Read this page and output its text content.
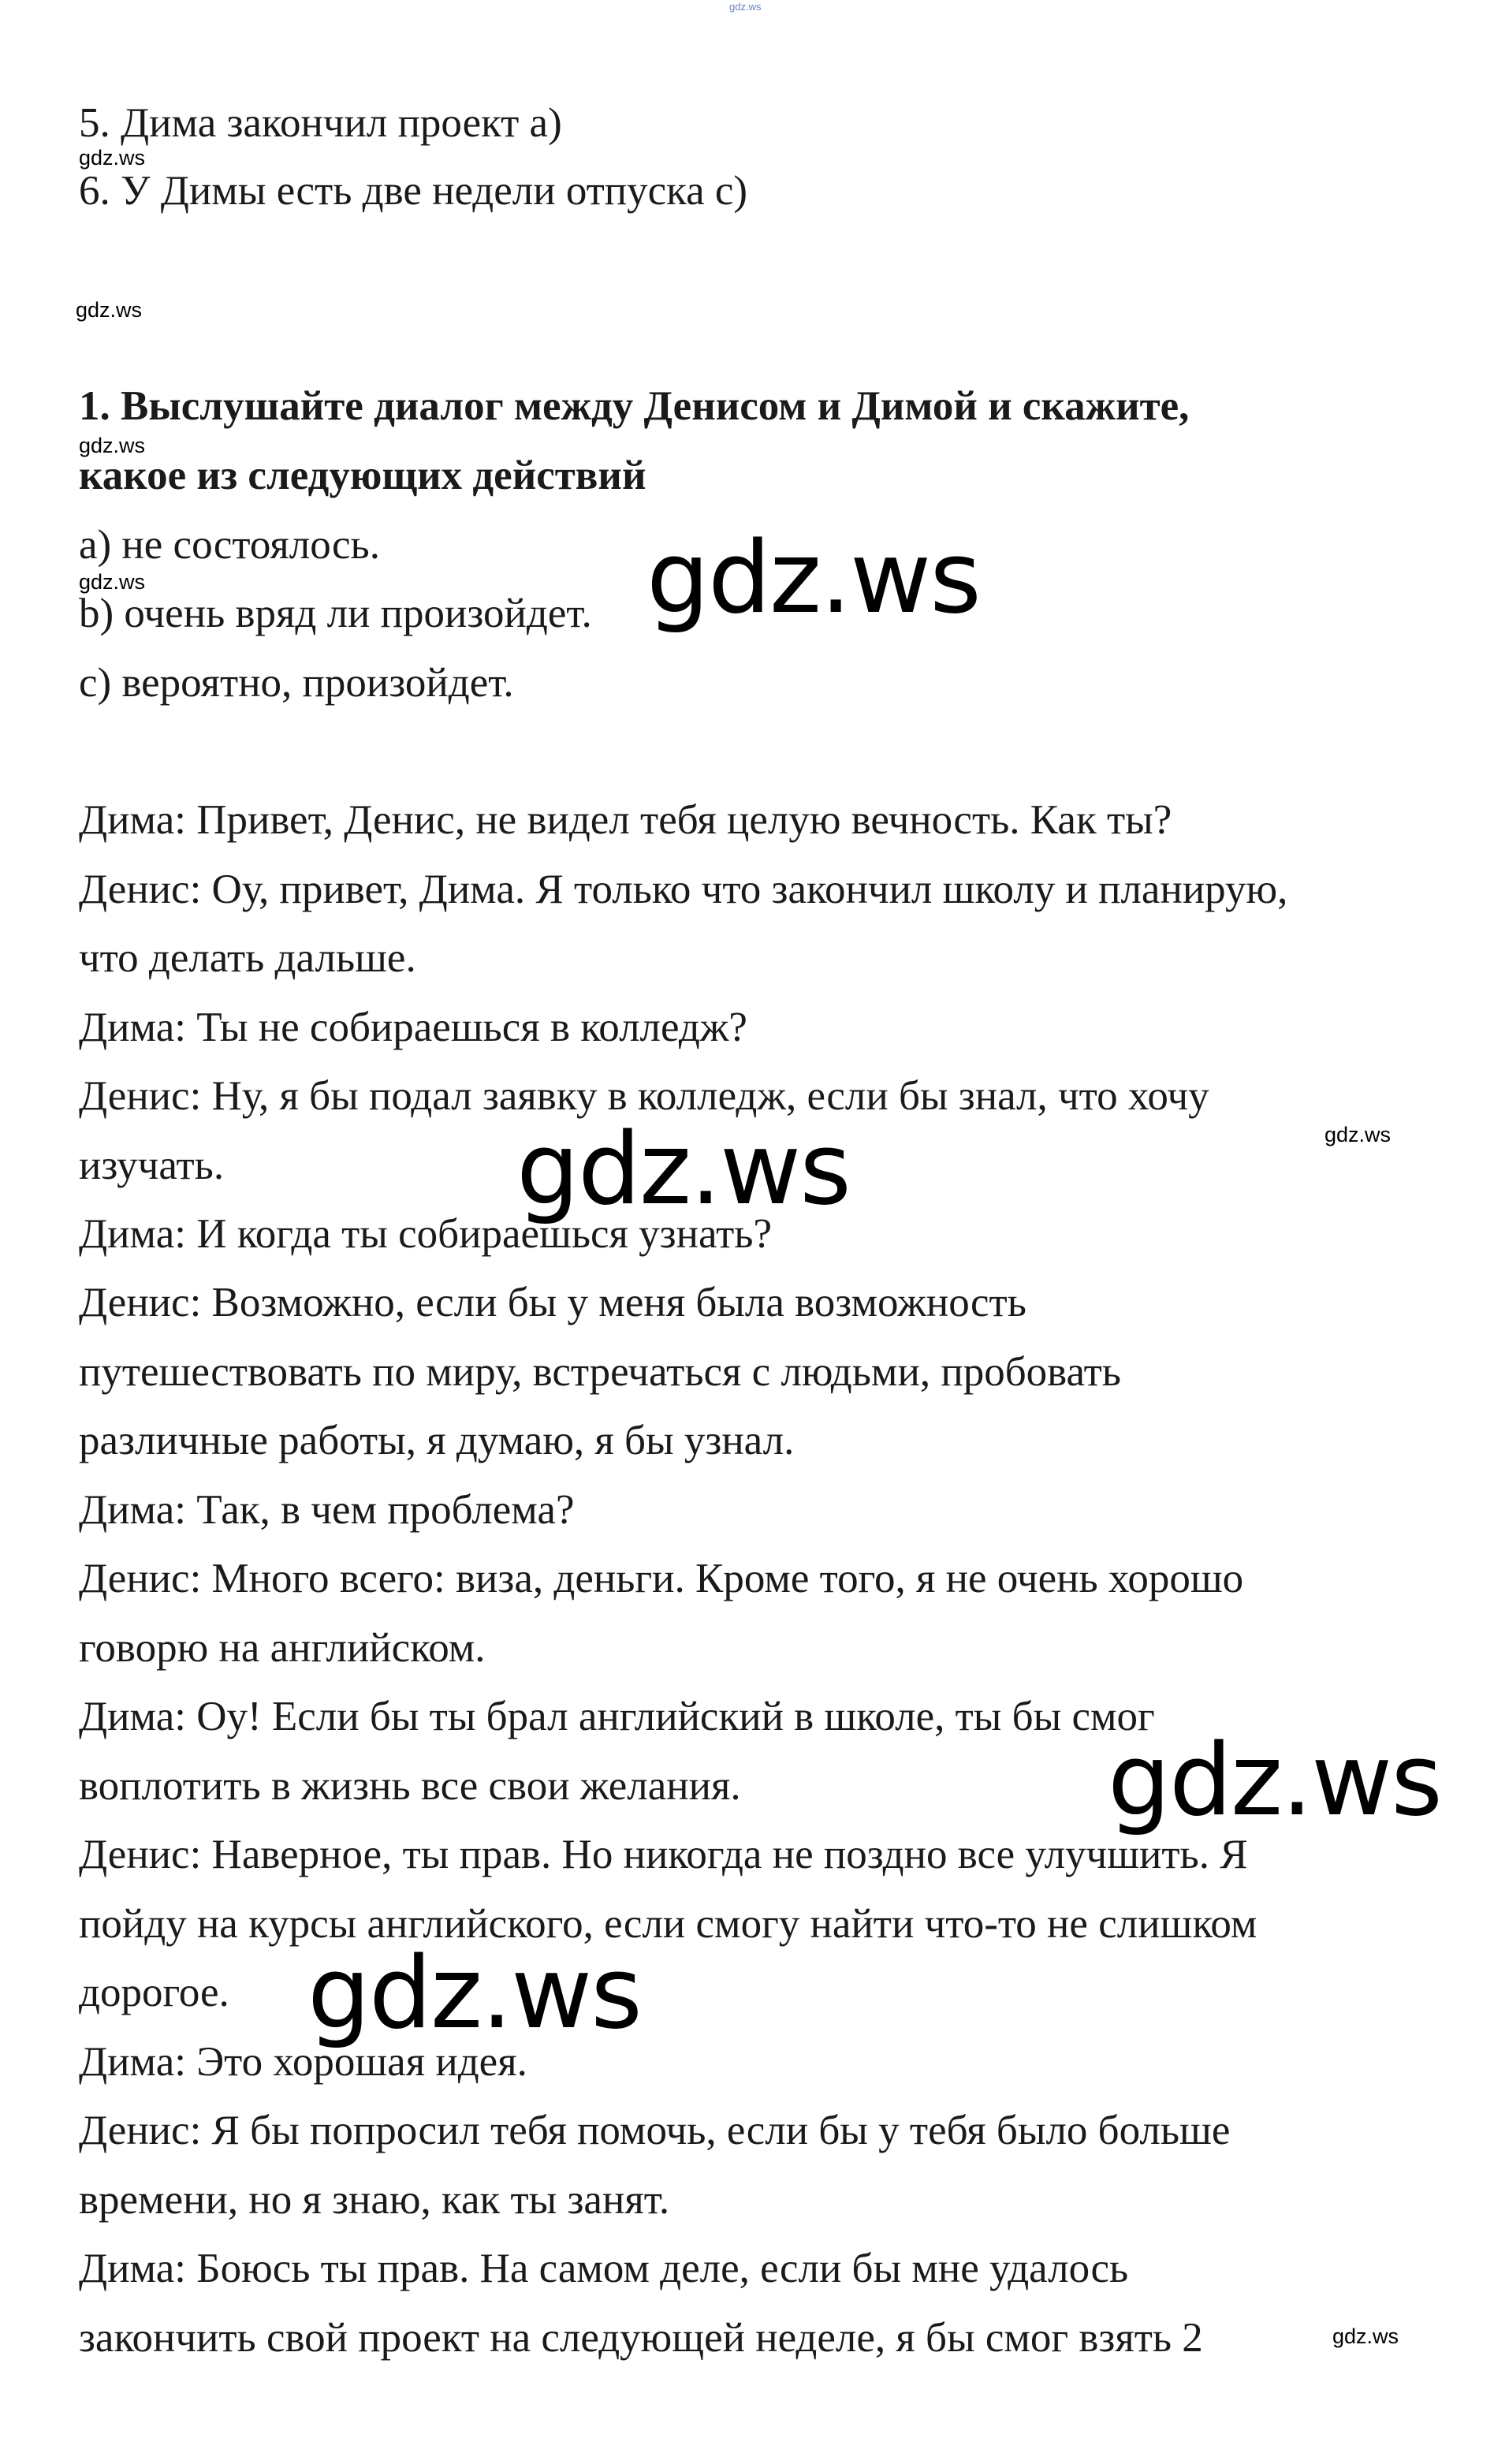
gdz.ws
5. Дима закончил проект a)
6. У Димы есть две недели отпуска c)
1. Выслушайте диалог между Денисом и Димой и скажите,
какое из следующих действий
a) не состоялось.
b) очень вряд ли произойдет.
c) вероятно, произойдет.
Дима: Привет, Денис, не видел тебя целую вечность. Как ты?
Денис: Оу, привет, Дима. Я только что закончил школу и планирую,
что делать дальше.
Дима: Ты не собираешься в колледж?
Денис: Ну, я бы подал заявку в колледж, если бы знал, что хочу
изучать.
Дима: И когда ты собираешься узнать?
Денис: Возможно, если бы у меня была возможность
путешествовать по миру, встречаться с людьми, пробовать
различные работы, я думаю, я бы узнал.
Дима: Так, в чем проблема?
Денис: Много всего: виза, деньги. Кроме того, я не очень хорошо
говорю на английском.
Дима: Оу! Если бы ты брал английский в школе, ты бы смог
воплотить в жизнь все свои желания.
Денис: Наверное, ты прав. Но никогда не поздно все улучшить. Я
пойду на курсы английского, если смогу найти что-то не слишком
дорогое.
Дима: Это хорошая идея.
Денис: Я бы попросил тебя помочь, если бы у тебя было больше
времени, но я знаю, как ты занят.
Дима: Боюсь ты прав. На самом деле, если бы мне удалось
закончить свой проект на следующей неделе, я бы смог взять 2
gdz.ws
gdz.ws
gdz.ws
gdz.ws
gdz.ws
gdz.ws
gdz.ws
gdz.ws
gdz.ws
gdz.ws
